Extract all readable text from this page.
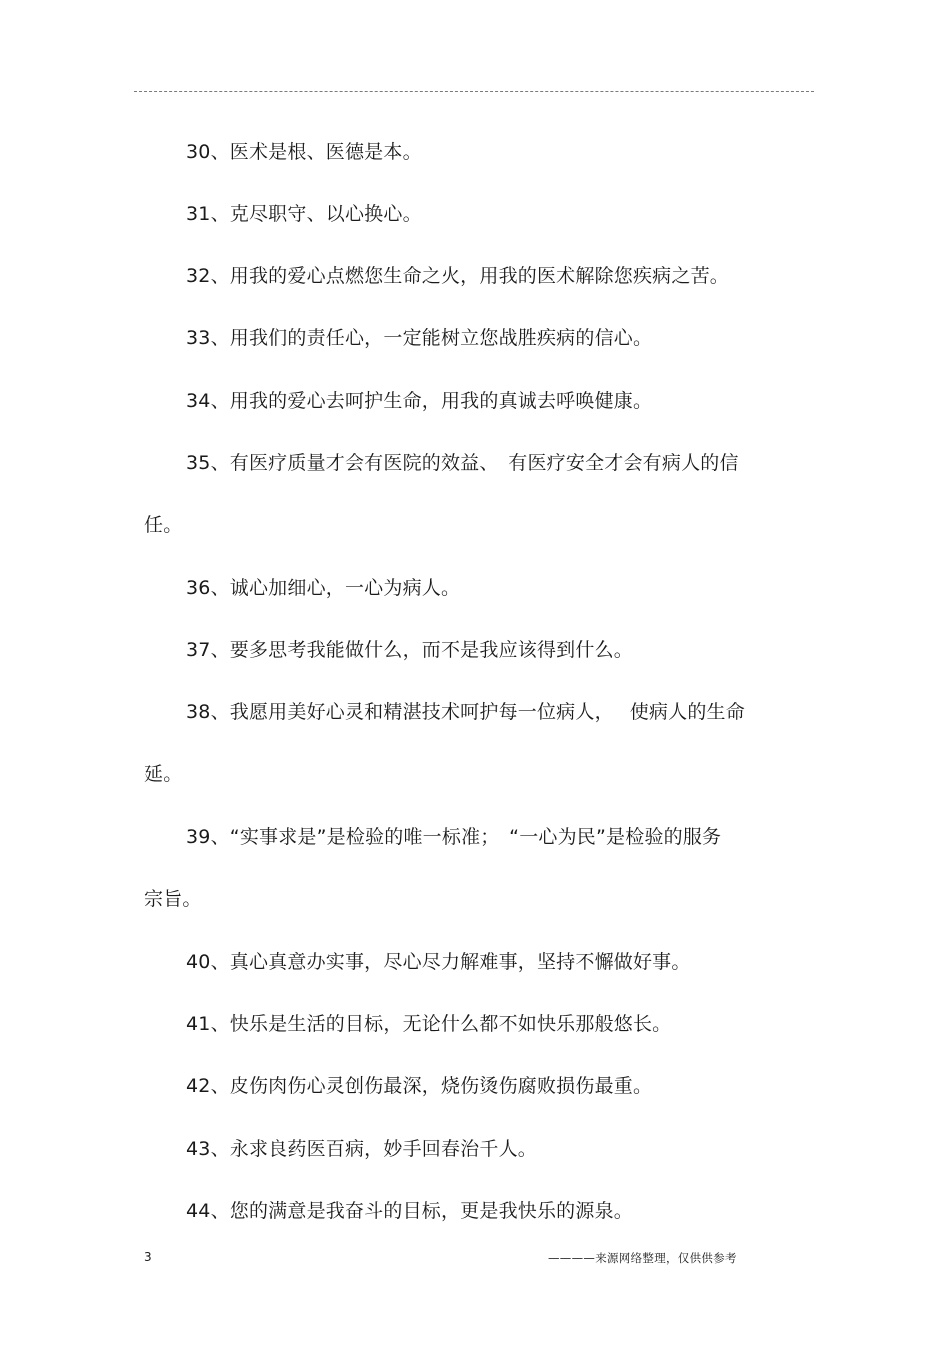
30、医术是根、医德是本。
31、克尽职守、以心换心。
32、用我的爱心点燃您生命之火，用我的医术解除您疾病之苦。
33、用我们的责任心，一定能树立您战胜疾病的信心。
34、用我的爱心去呵护生命，用我的真诚去呼唤健康。
35、有医疗质量才会有医院的效益、　有医疗安全才会有病人的信
任。
36、诚心加细心，一心为病人。
37、要多思考我能做什么，而不是我应该得到什么。
38、我愿用美好心灵和精湛技术呵护每一位病人，　 使病人的生命
延。
39、“实事求是”是检验的唯一标准；　“一心为民”是检验的服务
宗旨。
40、真心真意办实事，尽心尽力解难事，坚持不懈做好事。
41、快乐是生活的目标，无论什么都不如快乐那般悠长。
42、皮伤肉伤心灵创伤最深，烧伤烫伤腐败损伤最重。
43、永求良药医百病，妙手回春治千人。
44、您的满意是我奋斗的目标，更是我快乐的源泉。
3	————来源网络整理，仅供供参考
